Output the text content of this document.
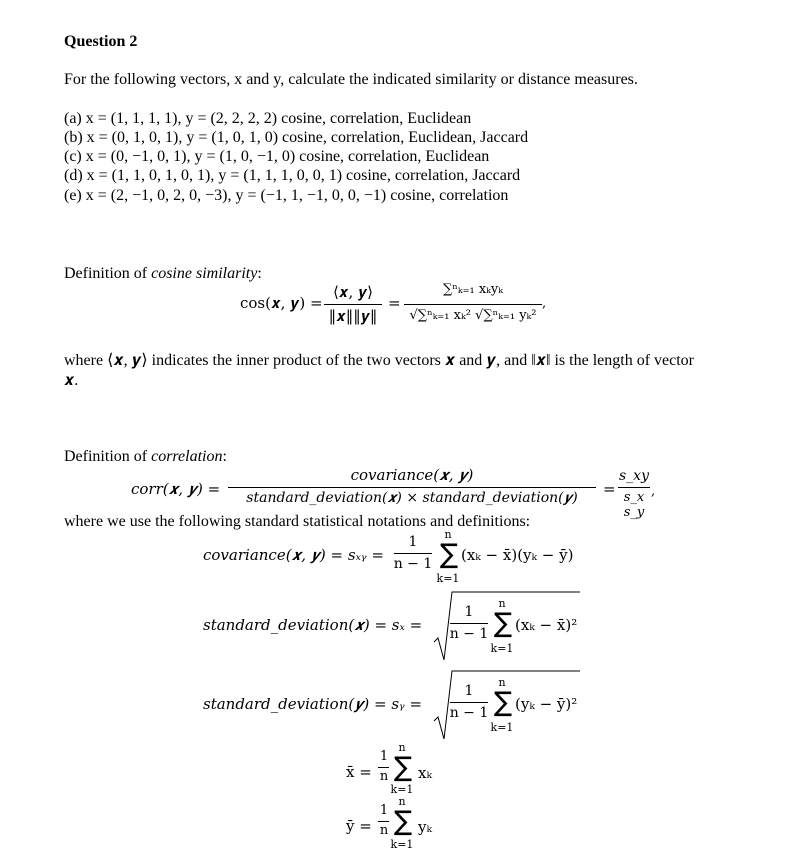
Question 2
For the following vectors, x and y, calculate the indicated similarity or distance measures.
(a) x = (1, 1, 1, 1), y = (2, 2, 2, 2) cosine, correlation, Euclidean
(b) x = (0, 1, 0, 1), y = (1, 0, 1, 0) cosine, correlation, Euclidean, Jaccard
(c) x = (0, −1, 0, 1), y = (1, 0, −1, 0) cosine, correlation, Euclidean
(d) x = (1, 1, 0, 1, 0, 1), y = (1, 1, 1, 0, 0, 1) cosine, correlation, Jaccard
(e) x = (2, −1, 0, 2, 0, −3), y = (−1, 1, −1, 0, 0, −1) cosine, correlation
Definition of cosine similarity:
cos(𝒙, 𝒚) =
⟨𝒙, 𝒚⟩
‖𝒙‖‖𝒚‖
=
∑ⁿₖ₌₁ xₖyₖ
√∑ⁿₖ₌₁ xₖ² √∑ⁿₖ₌₁ yₖ²
,
where ⟨𝒙, 𝒚⟩ indicates the inner product of the two vectors 𝒙 and 𝒚, and ‖𝒙‖ is the length of vector
𝒙.
Definition of correlation:
corr(𝒙, 𝒚) =
covariance(𝒙, 𝒚)
standard_deviation(𝒙) × standard_deviation(𝒚)	=
s_xy
s_x s_y
,
where we use the following standard statistical notations and definitions:
covariance(𝒙, 𝒚) = sₓᵧ =
1
n − 1
n
∑
k=1
(xₖ − x̄)(yₖ − ȳ)
standard_deviation(𝒙) = sₓ =
1
n − 1
n
∑
k=1
(xₖ − x̄)²
standard_deviation(𝒚) = sᵧ =
1
n − 1
n
∑
k=1
(yₖ − ȳ)²
x̄ =
1
n
n
∑
k=1
xₖ
ȳ =
1
n
n
∑
k=1
yₖ
